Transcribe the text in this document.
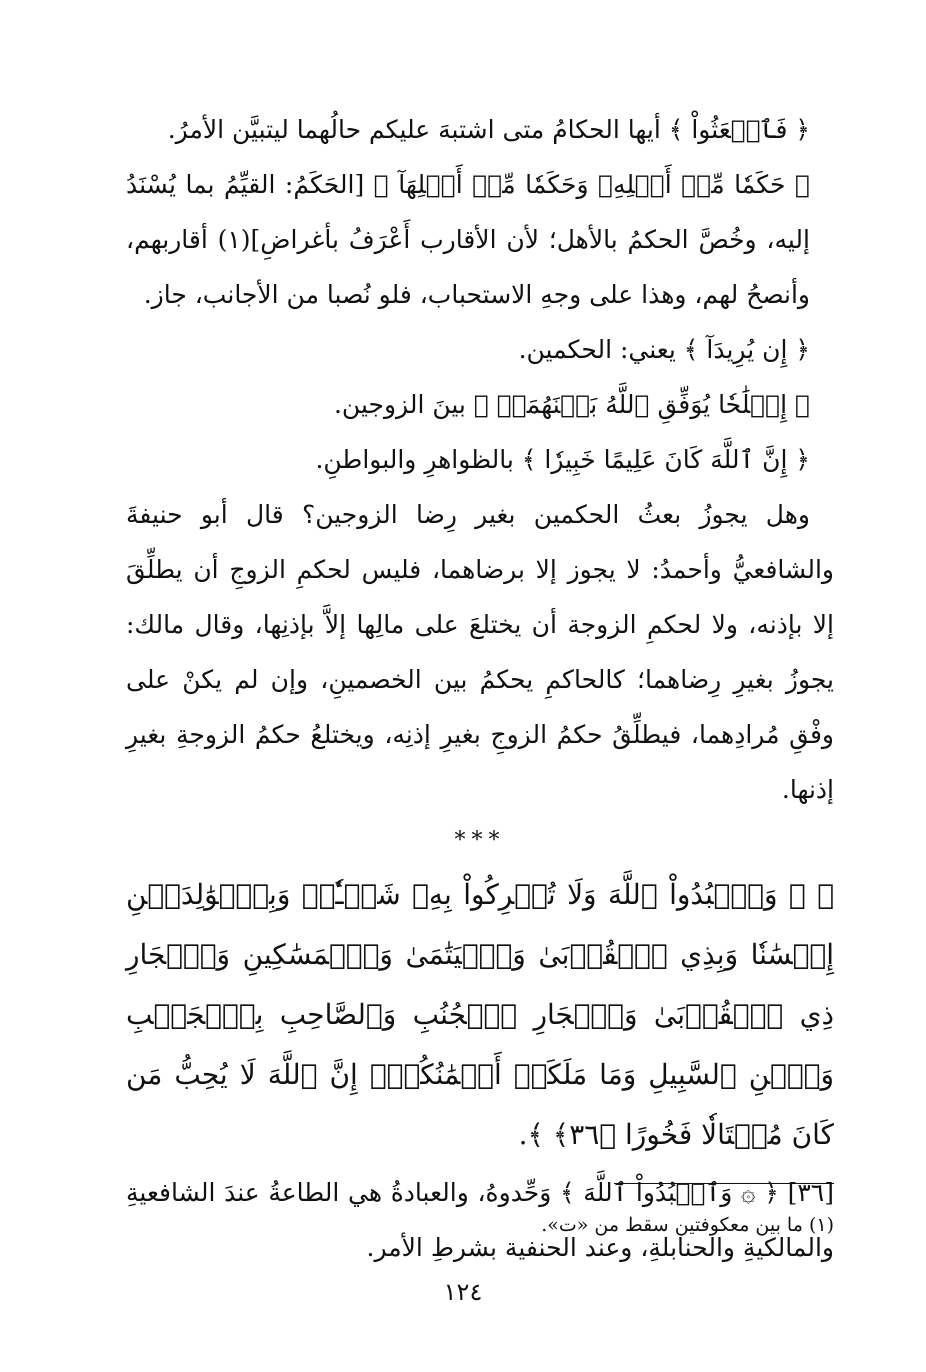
﴿ فَٱبۡعَثُواْ ﴾ أيها الحكامُ متى اشتبهَ عليكم حالُهما ليتبيَّن الأمرُ.

﴿ حَكَمٗا مِّنۡ أَهۡلِهِۦ وَحَكَمٗا مِّنۡ أَهۡلِهَآ ﴾ [الحَكَمُ: القيِّمُ بما يُسْنَدُ إليه، وخُصَّ الحكمُ بالأهل؛ لأن الأقارب أَعْرَفُ بأغراضِ](١) أقاربهم، وأنصحُ لهم، وهذا على وجهِ الاستحباب، فلو نُصبا من الأجانب، جاز.

﴿ إِن يُرِيدَآ ﴾ يعني: الحكمين.

﴿ إِصۡلَٰحٗا يُوَفِّقِ ٱللَّهُ بَيۡنَهُمَآۗ ﴾ بينَ الزوجين.

﴿ إِنَّ ٱللَّهَ كَانَ عَلِيمًا خَبِيرٗا ﴾ بالظواهرِ والبواطنِ.

وهل يجوزُ بعثُ الحكمين بغير رِضا الزوجين؟ قال أبو حنيفةَ والشافعيُّ وأحمدُ: لا يجوز إلا برضاهما، فليس لحكمِ الزوجِ أن يطلِّقَ إلا بإذنه، ولا لحكمِ الزوجة أن يختلعَ على مالِها إلاَّ بإذنِها، وقال مالك: يجوزُ بغيرِ رِضاهما؛ كالحاكمِ يحكمُ بين الخصمينِ، وإن لم يكنْ على وفْقِ مُرادِهما، فيطلِّقُ حكمُ الزوجِ بغيرِ إذنِه، ويختلعُ حكمُ الزوجةِ بغيرِ إذنها.

***

﴿ ۞ وَٱعۡبُدُواْ ٱللَّهَ وَلَا تُشۡرِكُواْ بِهِۦ شَيۡـٔٗاۖ وَبِٱلۡوَٰلِدَيۡنِ إِحۡسَٰنٗا وَبِذِي ٱلۡقُرۡبَىٰ وَٱلۡيَتَٰمَىٰ وَٱلۡمَسَٰكِينِ وَٱلۡجَارِ ذِي ٱلۡقُرۡبَىٰ وَٱلۡجَارِ ٱلۡجُنُبِ وَٱلصَّاحِبِ بِٱلۡجَنۢبِ وَٱبۡنِ ٱلسَّبِيلِ وَمَا مَلَكَتۡ أَيۡمَٰنُكُمۡۗ إِنَّ ٱللَّهَ لَا يُحِبُّ مَن كَانَ مُخۡتَالٗا فَخُورًا ﴿٣٦﴾ ﴾.

[٣٦] ﴿ ۞ وَٱعۡبُدُواْ ٱللَّهَ ﴾ وَحِّدوهُ، والعبادةُ هي الطاعةُ عندَ الشافعيةِ والمالكيةِ والحنابلةِ، وعند الحنفية بشرطِ الأمر.

(١) ما بين معكوفتين سقط من «ت».
١٢٤
